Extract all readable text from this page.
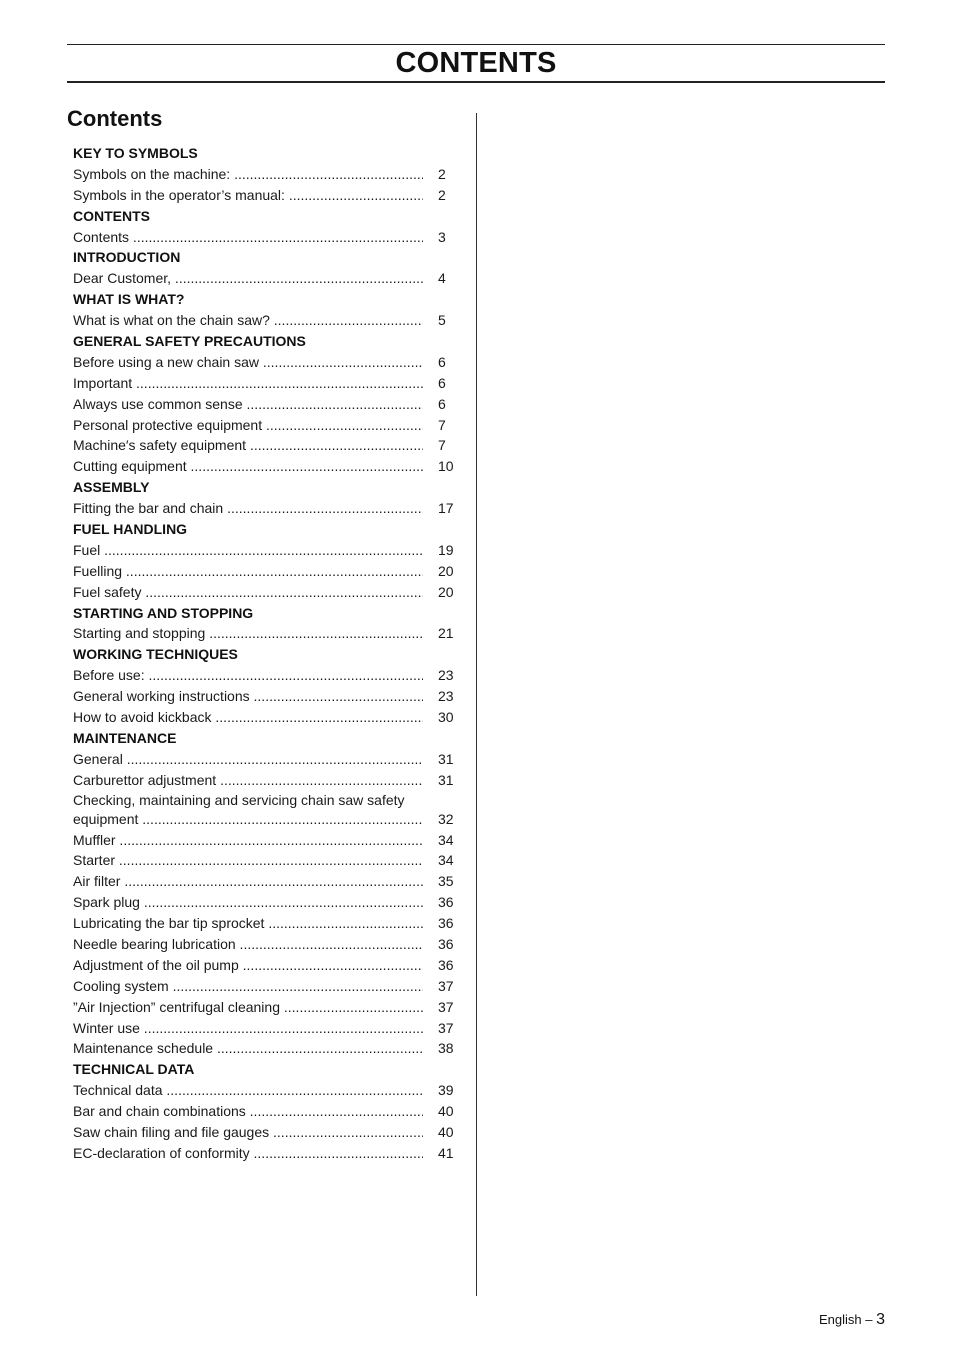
CONTENTS
Contents
KEY TO SYMBOLS
Symbols on the machine: .....	2
Symbols in the operator’s manual: .....	2
CONTENTS
Contents .....	3
INTRODUCTION
Dear Customer, .....	4
WHAT IS WHAT?
What is what on the chain saw? .....	5
GENERAL SAFETY PRECAUTIONS
Before using a new chain saw .....	6
Important .....	6
Always use common sense .....	6
Personal protective equipment .....	7
Machine′s safety equipment .....	7
Cutting equipment .....	10
ASSEMBLY
Fitting the bar and chain .....	17
FUEL HANDLING
Fuel .....	19
Fuelling .....	20
Fuel safety .....	20
STARTING AND STOPPING
Starting and stopping .....	21
WORKING TECHNIQUES
Before use: .....	23
General working instructions .....	23
How to avoid kickback .....	30
MAINTENANCE
General .....	31
Carburettor adjustment .....	31
Checking, maintaining and servicing chain saw safety
equipment .....	32
Muffler .....	34
Starter .....	34
Air filter .....	35
Spark plug .....	36
Lubricating the bar tip sprocket .....	36
Needle bearing lubrication .....	36
Adjustment of the oil pump .....	36
Cooling system .....	37
”Air Injection” centrifugal cleaning .....	37
Winter use .....	37
Maintenance schedule .....	38
TECHNICAL DATA
Technical data .....	39
Bar and chain combinations .....	40
Saw chain filing and file gauges .....	40
EC-declaration of conformity .....	41
English – 3
